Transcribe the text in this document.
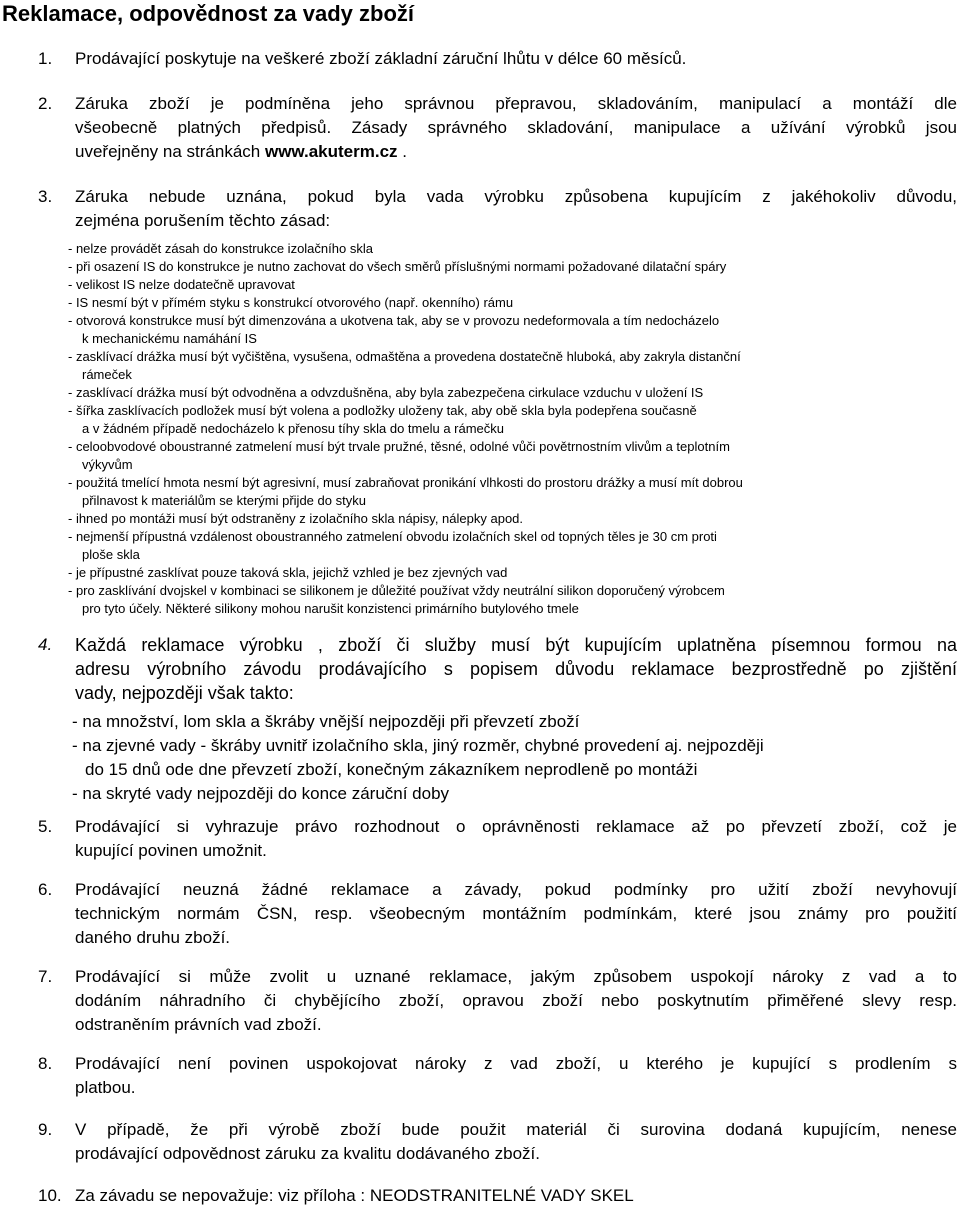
Reklamace, odpovědnost za vady zboží
1. Prodávající poskytuje na veškeré zboží základní záruční lhůtu v délce 60 měsíců.
2. Záruka zboží je podmíněna jeho správnou přepravou, skladováním, manipulací a montáží dle
všeobecně platných předpisů. Zásady správného skladování, manipulace a užívání výrobků jsou
uveřejněny na stránkách www.akuterm.cz .
3. Záruka nebude uznána, pokud byla vada výrobku způsobena kupujícím z jakéhokoliv důvodu,
zejména porušením těchto zásad:
- nelze provádět zásah do konstrukce izolačního skla
- při osazení IS do konstrukce je nutno zachovat do všech směrů příslušnými normami požadované dilatační spáry
- velikost IS nelze dodatečně upravovat
- IS nesmí být v přímém styku s konstrukcí otvorového (např. okenního) rámu
- otvorová konstrukce musí být dimenzována a ukotvena tak, aby se v provozu nedeformovala a tím nedocházelo
k mechanickému namáhání IS
- zasklívací drážka musí být vyčištěna, vysušena, odmaštěna a provedena dostatečně hluboká, aby zakryla distanční
rámeček
- zasklívací drážka musí být odvodněna a odvzdušněna, aby byla zabezpečena cirkulace vzduchu v uložení IS
- šířka zasklívacích podložek musí být volena a podložky uloženy tak, aby obě skla byla podepřena současně
a v žádném případě nedocházelo k přenosu tíhy skla do tmelu a rámečku
- celoobvodové oboustranné zatmelení musí být trvale pružné, těsné, odolné vůči povětrnostním vlivům a teplotním
výkyvům
- použitá tmelící hmota nesmí být agresivní, musí zabraňovat pronikání vlhkosti do prostoru drážky a musí mít dobrou
přilnavost k materiálům se kterými přijde do styku
- ihned po montáži musí být odstraněny z izolačního skla nápisy, nálepky apod.
- nejmenší přípustná vzdálenost oboustranného zatmelení obvodu izolačních skel od topných těles je 30 cm proti
ploše skla
- je přípustné zasklívat pouze taková skla, jejichž vzhled je bez zjevných vad
- pro zasklívání dvojskel v kombinaci se silikonem je důležité používat vždy neutrální silikon doporučený výrobcem
pro tyto účely. Některé silikony mohou narušit konzistenci primárního butylového tmele
4. Každá reklamace výrobku , zboží či služby musí být kupujícím uplatněna písemnou formou na
adresu výrobního závodu prodávajícího s popisem důvodu reklamace bezprostředně po zjištění
vady, nejpozději však takto:
- na množství, lom skla a škráby vnější nejpozději při převzetí zboží
- na zjevné vady - škráby uvnitř izolačního skla, jiný rozměr, chybné provedení aj. nejpozději
do 15 dnů ode dne převzetí zboží, konečným zákazníkem neprodleně po montáži
- na skryté vady nejpozději do konce záruční doby
5. Prodávající si vyhrazuje právo rozhodnout o oprávněnosti reklamace až po převzetí zboží, což je
kupující povinen umožnit.
6. Prodávající neuzná žádné reklamace a závady, pokud podmínky pro užití zboží nevyhovují
technickým normám ČSN, resp. všeobecným montážním podmínkám, které jsou známy pro použití
daného druhu zboží.
7. Prodávající si může zvolit u uznané reklamace, jakým způsobem uspokojí nároky z vad a to
dodáním náhradního či chybějícího zboží, opravou zboží nebo poskytnutím přiměřené slevy resp.
odstraněním právních vad zboží.
8. Prodávající není povinen uspokojovat nároky z vad zboží, u kterého je kupující s prodlením s
platbou.
9. V případě, že při výrobě zboží bude použit materiál či surovina dodaná kupujícím, nenese
prodávající odpovědnost záruku za kvalitu dodávaného zboží.
10. Za závadu se nepovažuje: viz příloha : NEODSTRANITELNÉ VADY SKEL
